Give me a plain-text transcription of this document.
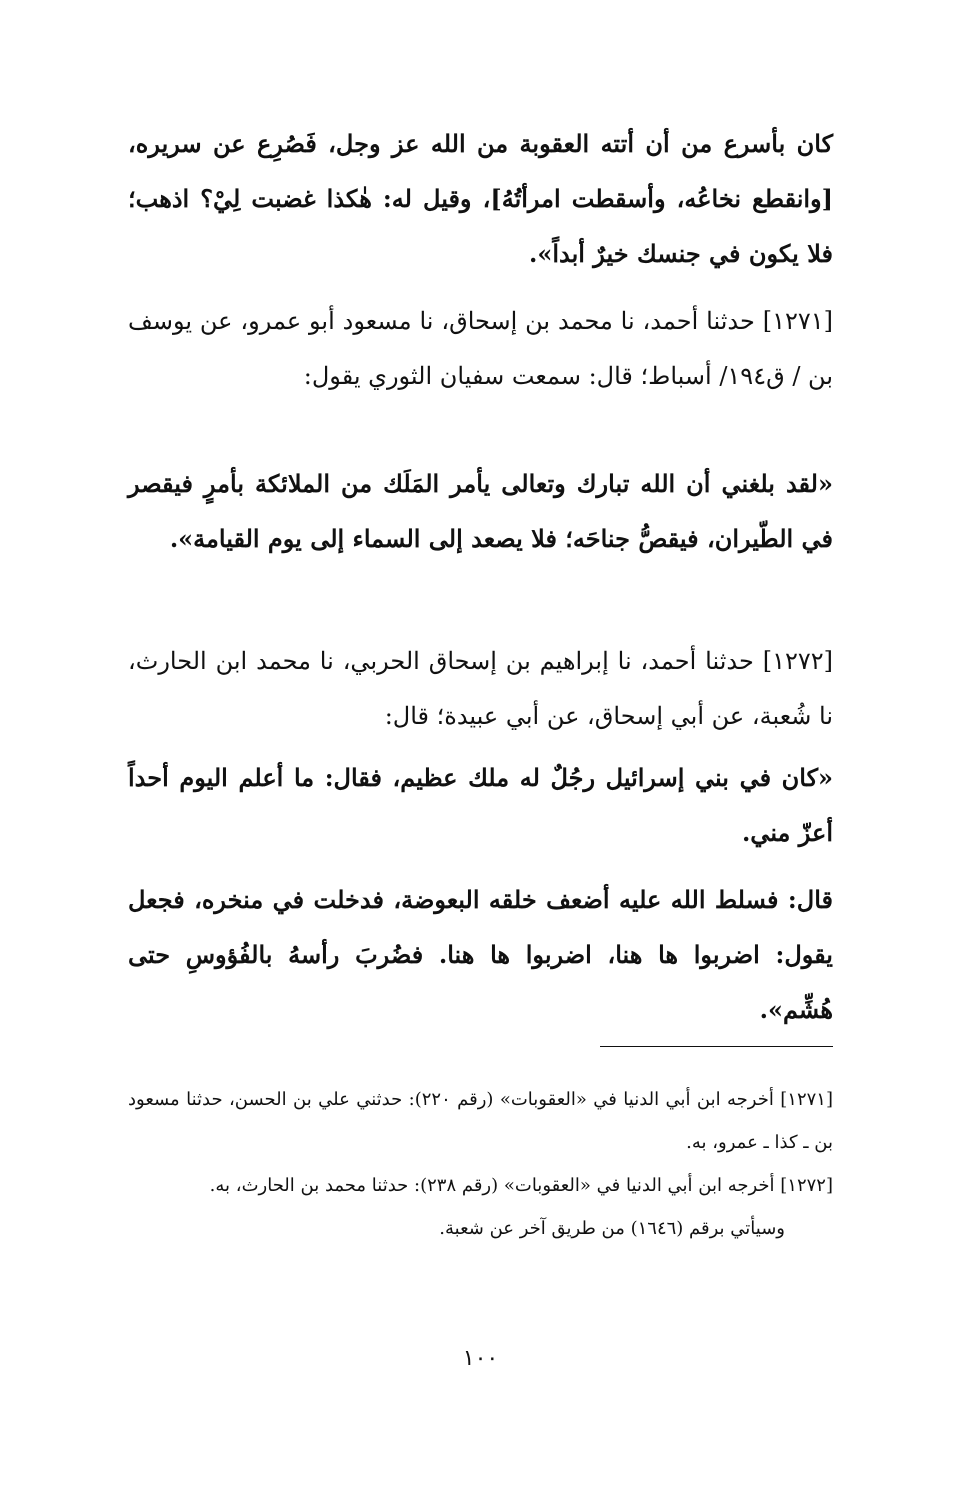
كان بأسرع من أن أتته العقوبة من الله عز وجل، فَصُرِع عن سريره، [وانقطع نخاعُه، وأسقطت امرأتُهُ]، وقيل له: هٰكذا غضبت لِيْ؟ اذهب؛ فلا يكون في جنسك خيرٌ أبداً».

[١٢٧١] حدثنا أحمد، نا محمد بن إسحاق، نا مسعود أبو عمرو، عن يوسف بن / ق١٩٤/ أسباط؛ قال: سمعت سفيان الثوري يقول:

«لقد بلغني أن الله تبارك وتعالى يأمر المَلَك من الملائكة بأمرٍ فيقصر في الطّيران، فيقصُّ جناحَه؛ فلا يصعد إلى السماء إلى يوم القيامة».

[١٢٧٢] حدثنا أحمد، نا إبراهيم بن إسحاق الحربي، نا محمد ابن الحارث، نا شُعبة، عن أبي إسحاق، عن أبي عبيدة؛ قال:

«كان في بني إسرائيل رجُلٌ له ملك عظيم، فقال: ما أعلم اليوم أحداً أعزّ مني.

قال: فسلط الله عليه أضعف خلقه البعوضة، فدخلت في منخره، فجعل يقول: اضربوا ها هنا، اضربوا ها هنا. فضُربَ رأسهُ بالفُؤوسِ حتى هُشِّم».

[١٢٧١] أخرجه ابن أبي الدنيا في «العقوبات» (رقم ٢٢٠): حدثني علي بن الحسن، حدثنا مسعود بن ـ كذا ـ عمرو، به.

[١٢٧٢] أخرجه ابن أبي الدنيا في «العقوبات» (رقم ٢٣٨): حدثنا محمد بن الحارث، به.

وسيأتي برقم (١٦٤٦) من طريق آخر عن شعبة.

١٠٠
